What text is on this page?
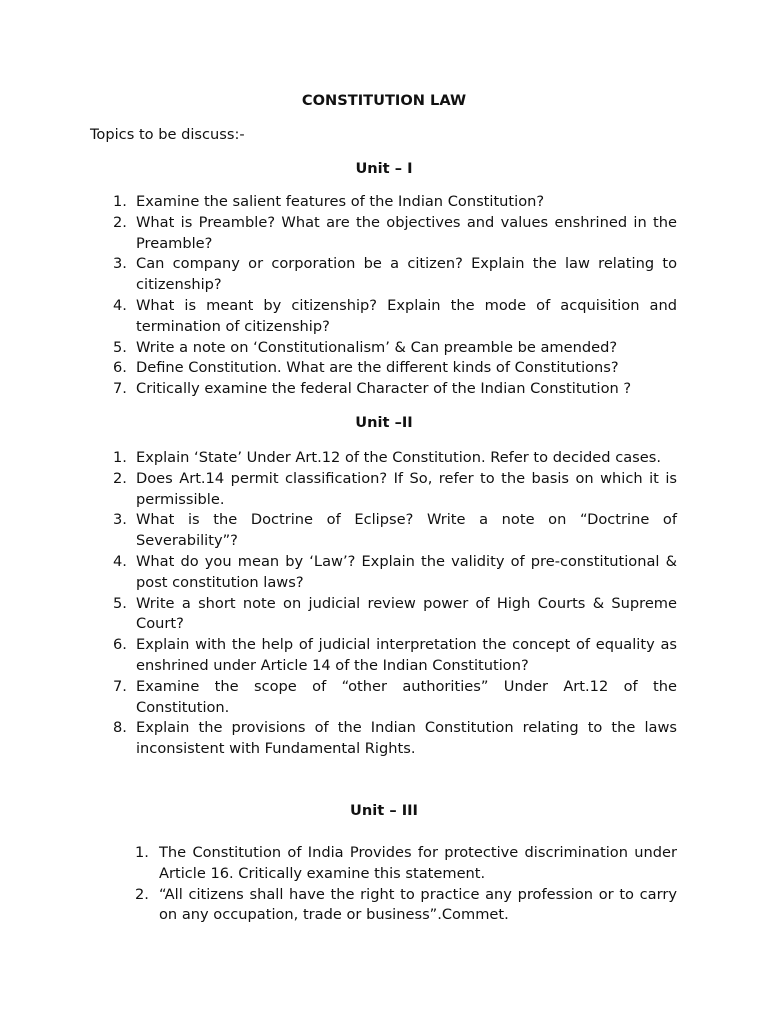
CONSTITUTION LAW
Topics to be discuss:-
Unit – I
1. Examine the salient features of the Indian Constitution?
2. What is Preamble? What are the objectives and values enshrined in the Preamble?
3. Can company or corporation be a citizen? Explain the law relating to citizenship?
4. What is meant by citizenship? Explain the mode of acquisition and termination of citizenship?
5. Write a note on ‘Constitutionalism’ & Can preamble be amended?
6. Define Constitution. What are the different kinds of Constitutions?
7. Critically examine the federal Character of the Indian Constitution ?
Unit –II
1. Explain ‘State’ Under Art.12 of the Constitution. Refer to decided cases.
2. Does Art.14 permit classification? If So, refer to the basis on which it is permissible.
3. What is the Doctrine of Eclipse? Write a note on “Doctrine of Severability”?
4. What do you mean by ‘Law’? Explain the validity of pre-constitutional & post constitution laws?
5. Write a short note on judicial review power of High Courts & Supreme Court?
6. Explain with the help of judicial interpretation the concept of equality as enshrined under Article 14 of the Indian Constitution?
7. Examine the scope of “other authorities” Under Art.12 of the Constitution.
8. Explain the provisions of the Indian Constitution relating to the laws inconsistent with Fundamental Rights.
Unit – III
1. The Constitution of India Provides for protective discrimination under Article 16. Critically examine this statement.
2. “All citizens shall have the right to practice any profession or to carry on any occupation, trade or business”.Commet.
